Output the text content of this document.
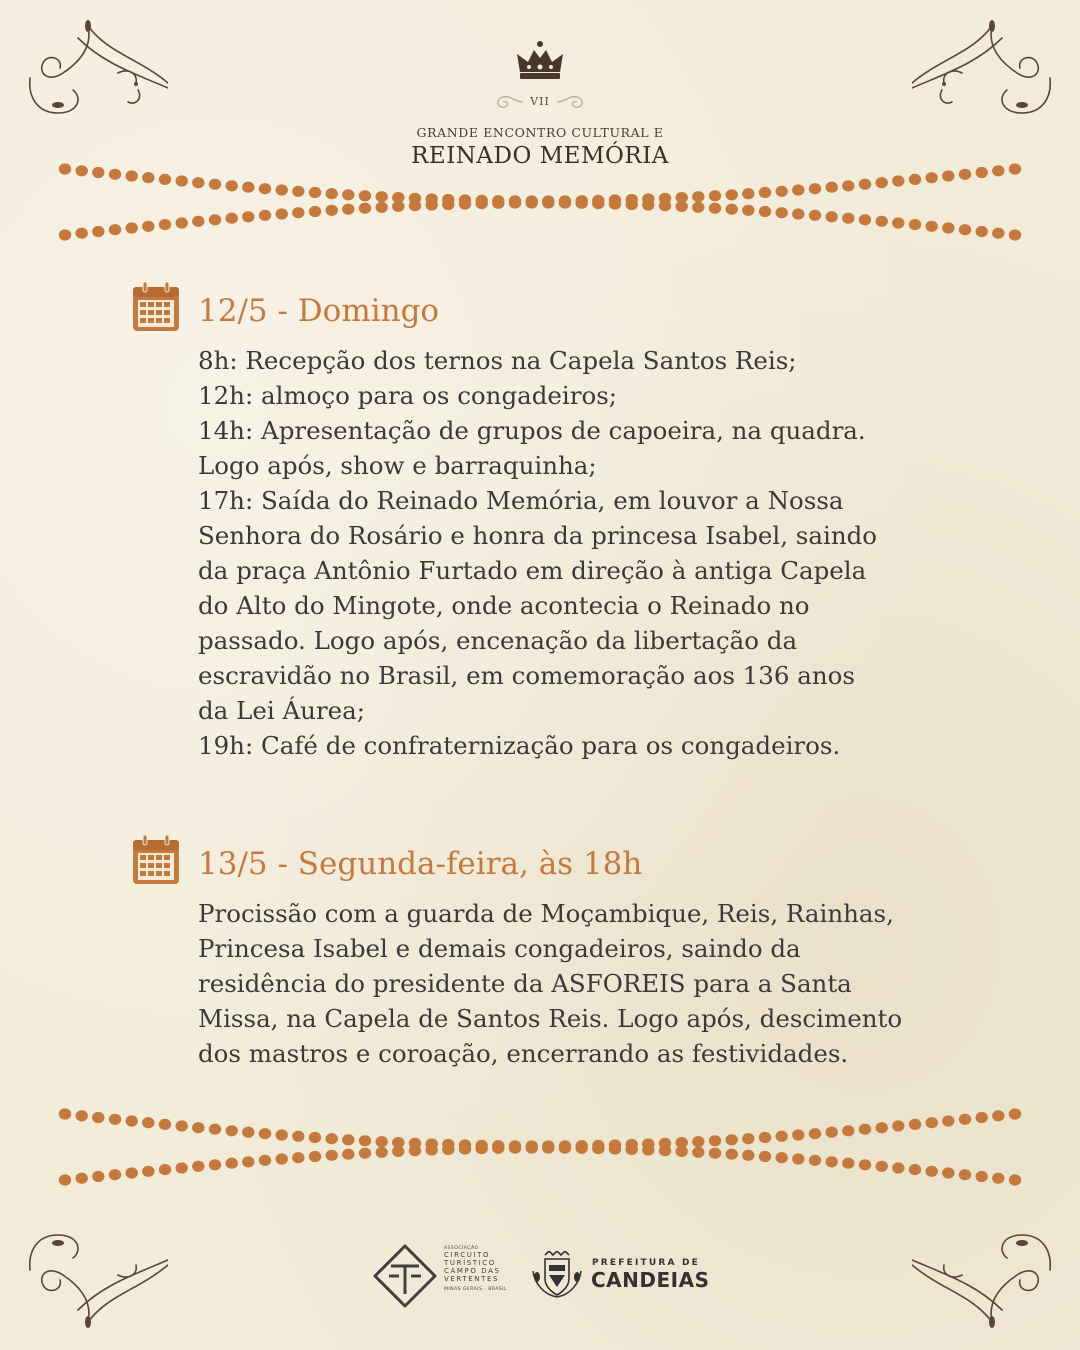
VII
GRANDE ENCONTRO CULTURAL E
REINADO MEMÓRIA
12/5 - Domingo
8h: Recepção dos ternos na Capela Santos Reis;
12h: almoço para os congadeiros;
14h: Apresentação de grupos de capoeira, na quadra.
Logo após, show e barraquinha;
17h: Saída do Reinado Memória, em louvor a Nossa
Senhora do Rosário e honra da princesa Isabel, saindo
da praça Antônio Furtado em direção à antiga Capela
do Alto do Mingote, onde acontecia o Reinado no
passado. Logo após, encenação da libertação da
escravidão no Brasil, em comemoração aos 136 anos
da Lei Áurea;
19h: Café de confraternização para os congadeiros.
13/5 - Segunda-feira, às 18h
Procissão com a guarda de Moçambique, Reis, Rainhas,
Princesa Isabel e demais congadeiros, saindo da
residência do presidente da ASFOREIS para a Santa
Missa, na Capela de Santos Reis. Logo após, descimento
dos mastros e coroação, encerrando as festividades.
ASSOCIAÇÃO
CIRCUITO
TURÍSTICO
CAMPO DAS
VERTENTES
MINAS GERAIS · BRASIL
PREFEITURA DE
CANDEIAS
